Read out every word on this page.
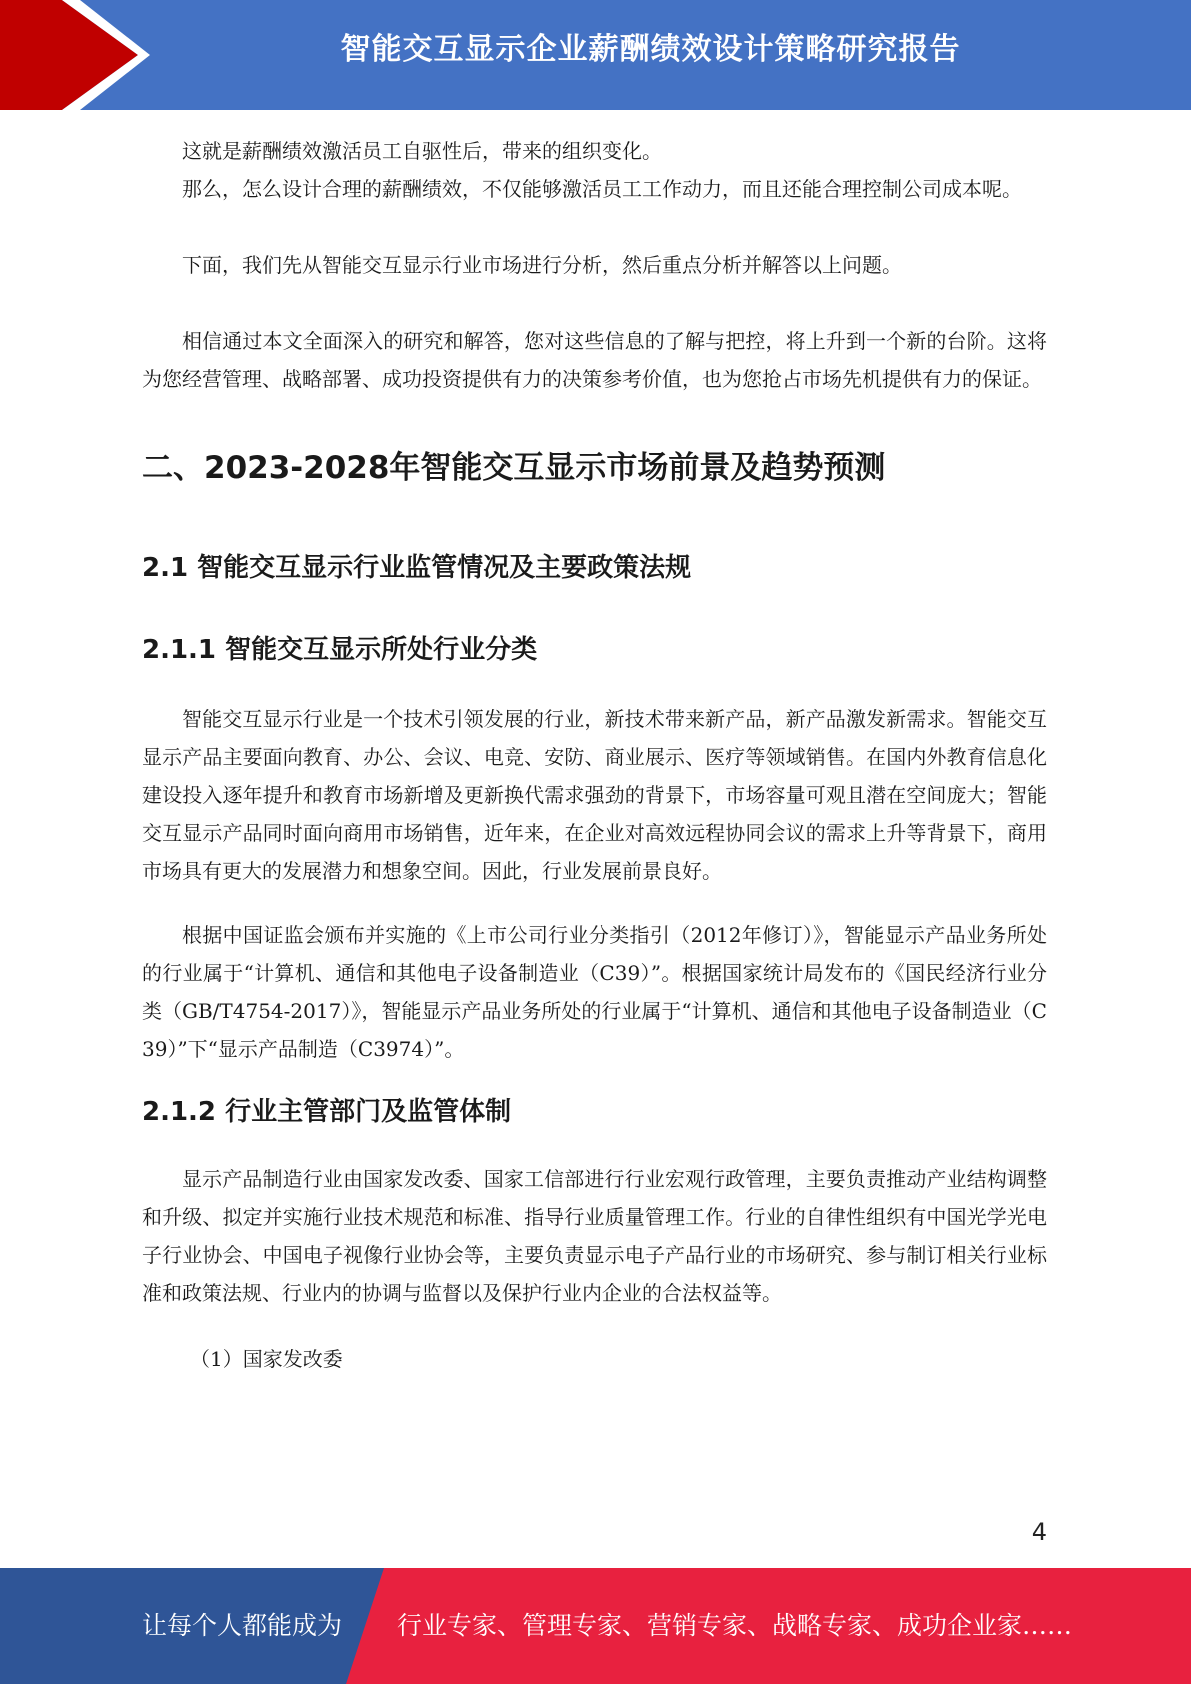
智能交互显示企业薪酬绩效设计策略研究报告

这就是薪酬绩效激活员工自驱性后，带来的组织变化。

那么，怎么设计合理的薪酬绩效，不仅能够激活员工工作动力，而且还能合理控制公司成本呢。

下面，我们先从智能交互显示行业市场进行分析，然后重点分析并解答以上问题。

相信通过本文全面深入的研究和解答，您对这些信息的了解与把控，将上升到一个新的台阶。这将为您经营管理、战略部署、成功投资提供有力的决策参考价值，也为您抢占市场先机提供有力的保证。

二、2023-2028年智能交互显示市场前景及趋势预测
2.1 智能交互显示行业监管情况及主要政策法规
2.1.1 智能交互显示所处行业分类

智能交互显示行业是一个技术引领发展的行业，新技术带来新产品，新产品激发新需求。智能交互显示产品主要面向教育、办公、会议、电竞、安防、商业展示、医疗等领域销售。在国内外教育信息化建设投入逐年提升和教育市场新增及更新换代需求强劲的背景下，市场容量可观且潜在空间庞大；智能交互显示产品同时面向商用市场销售，近年来，在企业对高效远程协同会议的需求上升等背景下，商用市场具有更大的发展潜力和想象空间。因此，行业发展前景良好。

根据中国证监会颁布并实施的《上市公司行业分类指引（2012年修订）》，智能显示产品业务所处的行业属于“计算机、通信和其他电子设备制造业（C39）”。根据国家统计局发布的《国民经济行业分类（GB/T4754-2017）》，智能显示产品业务所处的行业属于“计算机、通信和其他电子设备制造业（C39）”下“显示产品制造（C3974）”。

2.1.2 行业主管部门及监管体制

显示产品制造行业由国家发改委、国家工信部进行行业宏观行政管理，主要负责推动产业结构调整和升级、拟定并实施行业技术规范和标准、指导行业质量管理工作。行业的自律性组织有中国光学光电子行业协会、中国电子视像行业协会等，主要负责显示电子产品行业的市场研究、参与制订相关行业标准和政策法规、行业内的协调与监督以及保护行业内企业的合法权益等。

（1）国家发改委

4
让每个人都能成为 行业专家、管理专家、营销专家、战略专家、成功企业家……
